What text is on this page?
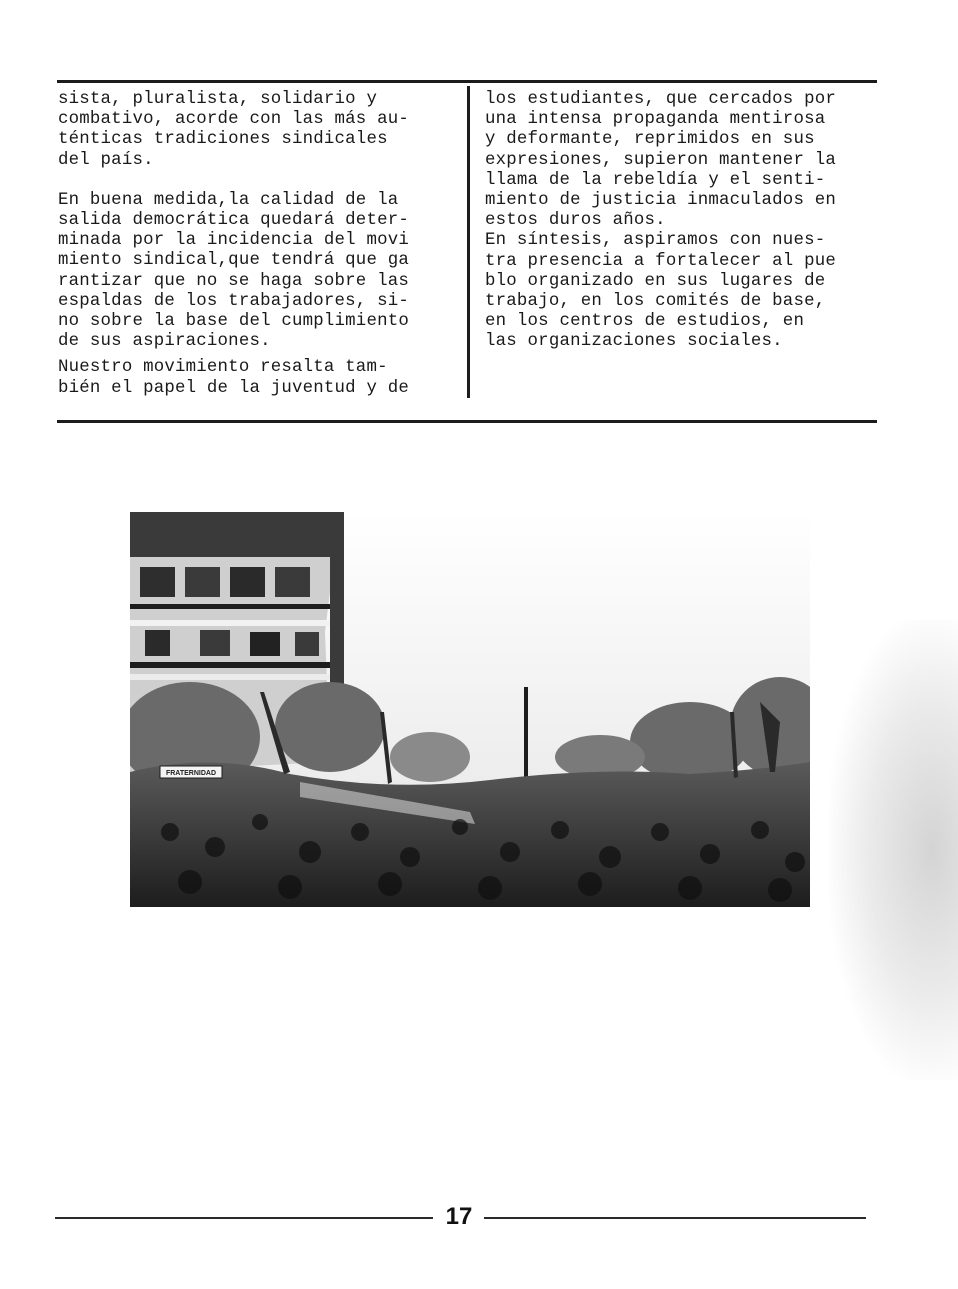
sista, pluralista, solidario y
combativo, acorde con las más au-
ténticas tradiciones sindicales
del país.
En buena medida,la calidad de la
salida democrática quedará deter-
minada por la incidencia del movi
miento sindical,que tendrá que ga
rantizar que no se haga sobre las
espaldas de los trabajadores, si-
no sobre la base del cumplimiento
de sus aspiraciones.
Nuestro movimiento resalta tam-
bién el papel de la juventud y de
los estudiantes, que cercados por
una intensa propaganda mentirosa
y deformante, reprimidos en sus
expresiones, supieron mantener la
llama de la rebeldía y el senti-
miento de justicia inmaculados en
estos duros años.
En síntesis, aspiramos con nues-
tra presencia a fortalecer al pue
blo organizado en sus lugares de
trabajo, en los comités de base,
en los centros de estudios, en
las organizaciones sociales.
FRATERNIDAD
17
